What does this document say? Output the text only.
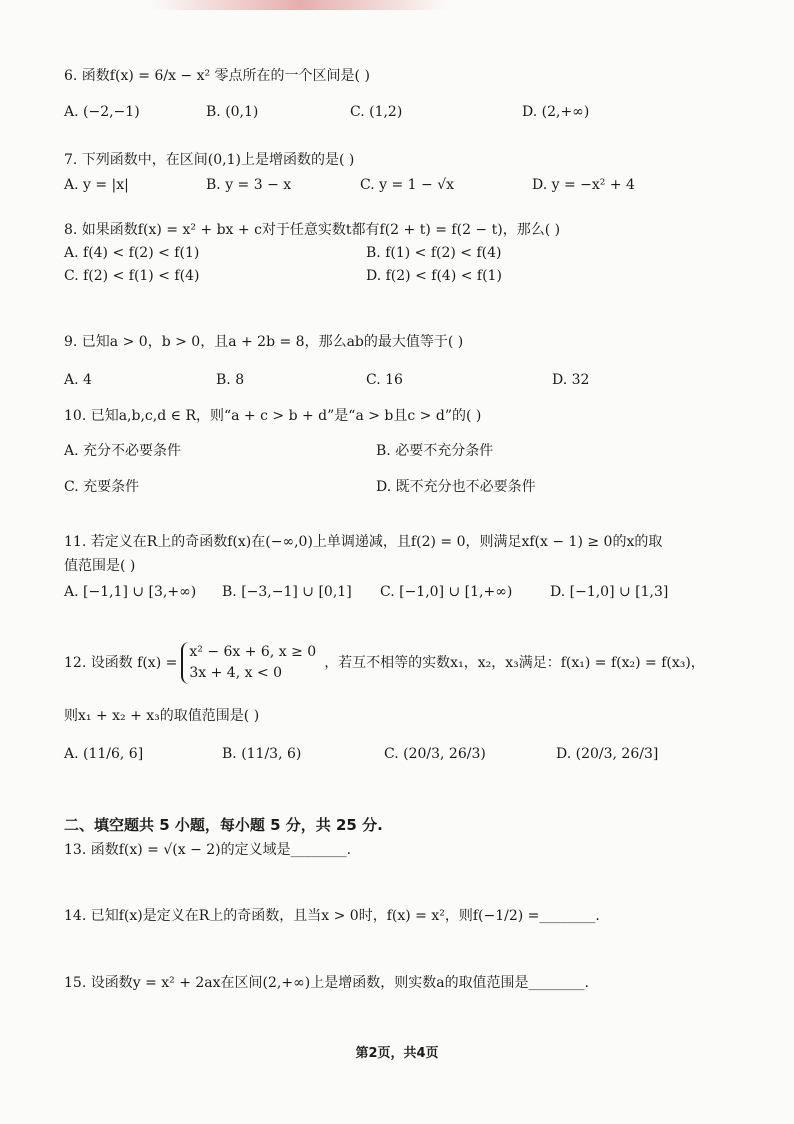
6. 函数f(x) = 6/x − x² 零点所在的一个区间是( )
A. (−2,−1)	B. (0,1)	C. (1,2)	D. (2,+∞)
7. 下列函数中，在区间(0,1)上是增函数的是( )
A. y = |x|	B. y = 3 − x	C. y = 1 − √x	D. y = −x² + 4
8. 如果函数f(x) = x² + bx + c对于任意实数t都有f(2 + t) = f(2 − t)，那么( )
A. f(4) < f(2) < f(1)	B. f(1) < f(2) < f(4)
C. f(2) < f(1) < f(4)	D. f(2) < f(4) < f(1)
9. 已知a > 0，b > 0，且a + 2b = 8，那么ab的最大值等于( )
A. 4	B. 8	C. 16	D. 32
10. 已知a,b,c,d ∈ R，则“a + c > b + d”是“a > b且c > d”的( )
A. 充分不必要条件	B. 必要不充分条件
C. 充要条件	D. 既不充分也不必要条件
11. 若定义在R上的奇函数f(x)在(−∞,0)上单调递减，且f(2) = 0，则满足xf(x − 1) ≥ 0的x的取
值范围是( )
A. [−1,1] ∪ [3,+∞) B. [−3,−1] ∪ [0,1] C. [−1,0] ∪ [1,+∞)	D. [−1,0] ∪ [1,3]
12. 设函数 f(x) =
x² − 6x + 6, x ≥ 0
3x + 4, x < 0
，若互不相等的实数x₁，x₂，x₃满足：f(x₁) = f(x₂) = f(x₃)，
则x₁ + x₂ + x₃的取值范围是( )
A. (11/6, 6]	B. (11/3, 6)	C. (20/3, 26/3)	D. (20/3, 26/3]
二、填空题共 5 小题，每小题 5 分，共 25 分.
13. 函数f(x) = √(x − 2)的定义域是________.
14. 已知f(x)是定义在R上的奇函数，且当x > 0时，f(x) = x²，则f(−1/2) =________.
15. 设函数y = x² + 2ax在区间(2,+∞)上是增函数，则实数a的取值范围是________.
第2页，共4页
